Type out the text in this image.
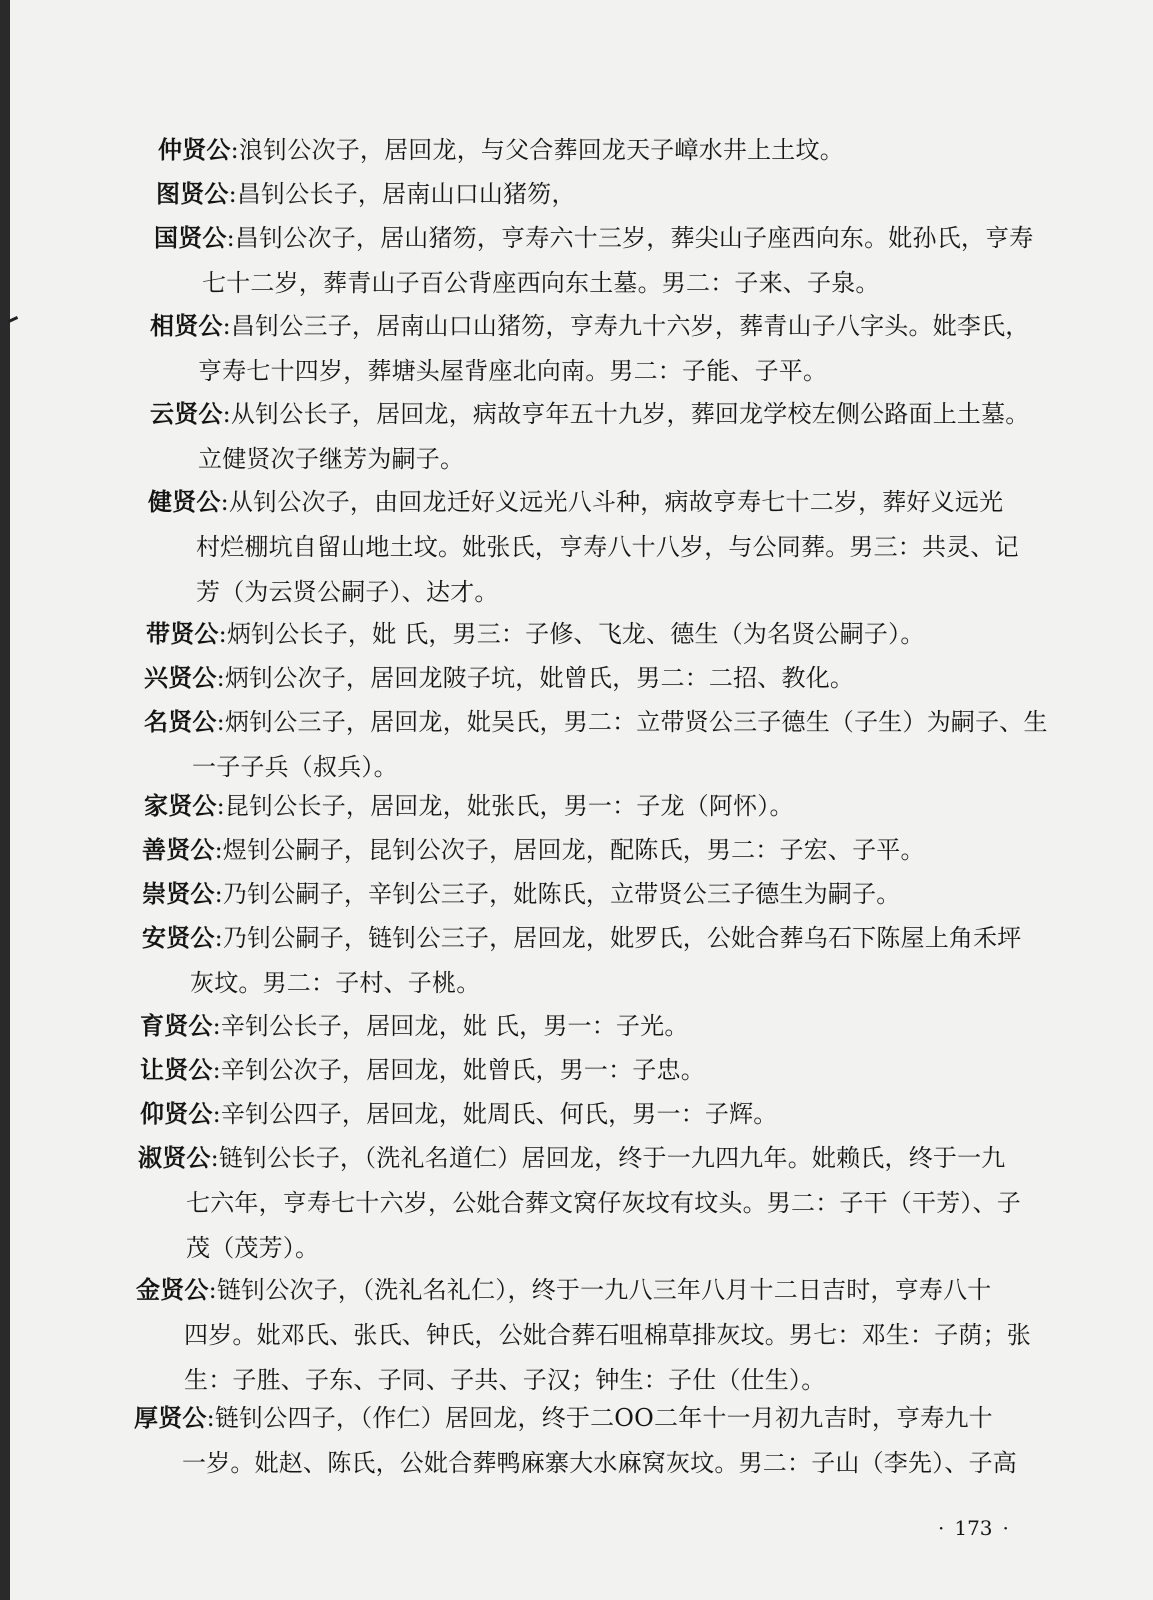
仲贤公:浪钊公次子，居回龙，与父合葬回龙天子嶂水井上土坟。
图贤公:昌钊公长子，居南山口山猪笏，
国贤公:昌钊公次子，居山猪笏，亨寿六十三岁，葬尖山子座西向东。妣孙氏，亨寿
七十二岁，葬青山子百公背座西向东土墓。男二：子来、子泉。
相贤公:昌钊公三子，居南山口山猪笏，亨寿九十六岁，葬青山子八字头。妣李氏，
亨寿七十四岁，葬塘头屋背座北向南。男二：子能、子平。
云贤公:从钊公长子，居回龙，病故亨年五十九岁，葬回龙学校左侧公路面上土墓。
立健贤次子继芳为嗣子。
健贤公:从钊公次子，由回龙迁好义远光八斗种，病故亨寿七十二岁，葬好义远光
村烂棚坑自留山地土坟。妣张氏，亨寿八十八岁，与公同葬。男三：共灵、记
芳（为云贤公嗣子）、达才。
带贤公:炳钊公长子，妣 氏，男三：子修、飞龙、德生（为名贤公嗣子）。
兴贤公:炳钊公次子，居回龙陂子坑，妣曾氏，男二：二招、教化。
名贤公:炳钊公三子，居回龙，妣吴氏，男二：立带贤公三子德生（子生）为嗣子、生
一子子兵（叔兵）。
家贤公:昆钊公长子，居回龙，妣张氏，男一：子龙（阿怀）。
善贤公:煜钊公嗣子，昆钊公次子，居回龙，配陈氏，男二：子宏、子平。
崇贤公:乃钊公嗣子，辛钊公三子，妣陈氏，立带贤公三子德生为嗣子。
安贤公:乃钊公嗣子，链钊公三子，居回龙，妣罗氏，公妣合葬乌石下陈屋上角禾坪
灰坟。男二：子村、子桃。
育贤公:辛钊公长子，居回龙，妣 氏，男一：子光。
让贤公:辛钊公次子，居回龙，妣曾氏，男一：子忠。
仰贤公:辛钊公四子，居回龙，妣周氏、何氏，男一：子辉。
淑贤公:链钊公长子，（洗礼名道仁）居回龙，终于一九四九年。妣赖氏，终于一九
七六年，亨寿七十六岁，公妣合葬文窝仔灰坟有坟头。男二：子干（干芳）、子
茂（茂芳）。
金贤公:链钊公次子，（洗礼名礼仁），终于一九八三年八月十二日吉时，亨寿八十
四岁。妣邓氏、张氏、钟氏，公妣合葬石咀棉草排灰坟。男七：邓生：子荫；张
生：子胜、子东、子同、子共、子汉；钟生：子仕（仕生）。
厚贤公:链钊公四子，（作仁）居回龙，终于二OO二年十一月初九吉时，亨寿九十
一岁。妣赵、陈氏，公妣合葬鸭麻寨大水麻窝灰坟。男二：子山（李先）、子高
· 173 ·
